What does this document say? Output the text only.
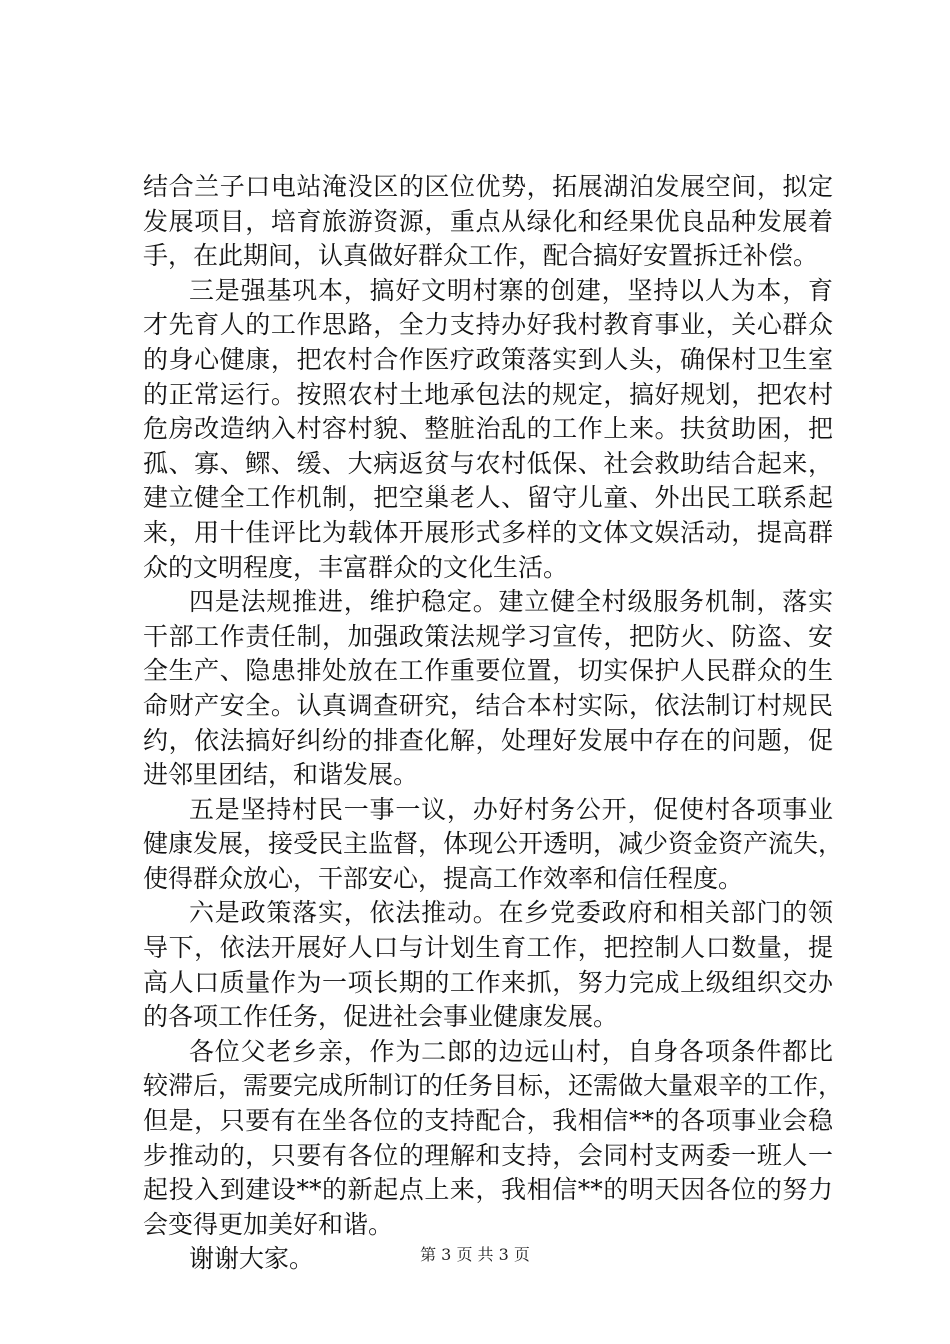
结合兰子口电站淹没区的区位优势，拓展湖泊发展空间，拟定
发展项目，培育旅游资源，重点从绿化和经果优良品种发展着
手，在此期间，认真做好群众工作，配合搞好安置拆迁补偿。
三是强基巩本，搞好文明村寨的创建，坚持以人为本，育
才先育人的工作思路，全力支持办好我村教育事业，关心群众
的身心健康，把农村合作医疗政策落实到人头，确保村卫生室
的正常运行。按照农村土地承包法的规定，搞好规划，把农村
危房改造纳入村容村貌、整脏治乱的工作上来。扶贫助困，把
孤、寡、鳏、缓、大病返贫与农村低保、社会救助结合起来，
建立健全工作机制，把空巢老人、留守儿童、外出民工联系起
来，用十佳评比为载体开展形式多样的文体文娱活动，提高群
众的文明程度，丰富群众的文化生活。
四是法规推进，维护稳定。建立健全村级服务机制，落实
干部工作责任制，加强政策法规学习宣传，把防火、防盗、安
全生产、隐患排处放在工作重要位置，切实保护人民群众的生
命财产安全。认真调查研究，结合本村实际，依法制订村规民
约，依法搞好纠纷的排查化解，处理好发展中存在的问题，促
进邻里团结，和谐发展。
五是坚持村民一事一议，办好村务公开，促使村各项事业
健康发展，接受民主监督，体现公开透明，减少资金资产流失，
使得群众放心，干部安心，提高工作效率和信任程度。
六是政策落实，依法推动。在乡党委政府和相关部门的领
导下，依法开展好人口与计划生育工作，把控制人口数量，提
高人口质量作为一项长期的工作来抓，努力完成上级组织交办
的各项工作任务，促进社会事业健康发展。
各位父老乡亲，作为二郎的边远山村，自身各项条件都比
较滞后，需要完成所制订的任务目标，还需做大量艰辛的工作，
但是，只要有在坐各位的支持配合，我相信**的各项事业会稳
步推动的，只要有各位的理解和支持，会同村支两委一班人一
起投入到建设**的新起点上来，我相信**的明天因各位的努力
会变得更加美好和谐。
谢谢大家。	第 3 页 共 3 页
